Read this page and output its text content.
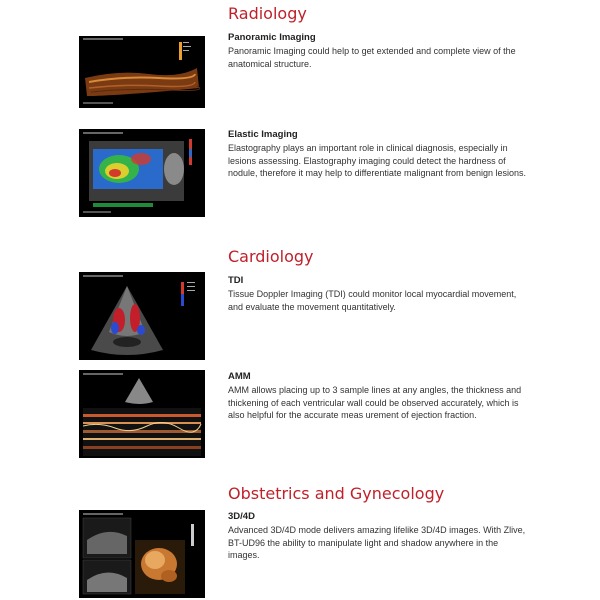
Radiology
Panoramic Imaging
Panoramic Imaging could help to get extended and complete view of the anatomical structure.
Elastic Imaging
Elastography plays an important role in clinical diagnosis, especially in lesions assessing. Elastography imaging could detect the hardness of nodule, therefore it may help to differentiate malignant from benign lesions.
Cardiology
TDI
Tissue Doppler Imaging (TDI) could monitor local myocardial movement, and evaluate the movement quantitatively.
AMM
AMM allows placing up to 3 sample lines at any angles, the thickness and thickening of each ventricular wall could be observed accurately, which is also helpful for the accurate meas urement of ejection fraction.
Obstetrics and Gynecology
3D/4D
Advanced 3D/4D mode delivers amazing lifelike 3D/4D images. With Zlive, BT-UD96 the ability to manipulate light and shadow anywhere in the images.
